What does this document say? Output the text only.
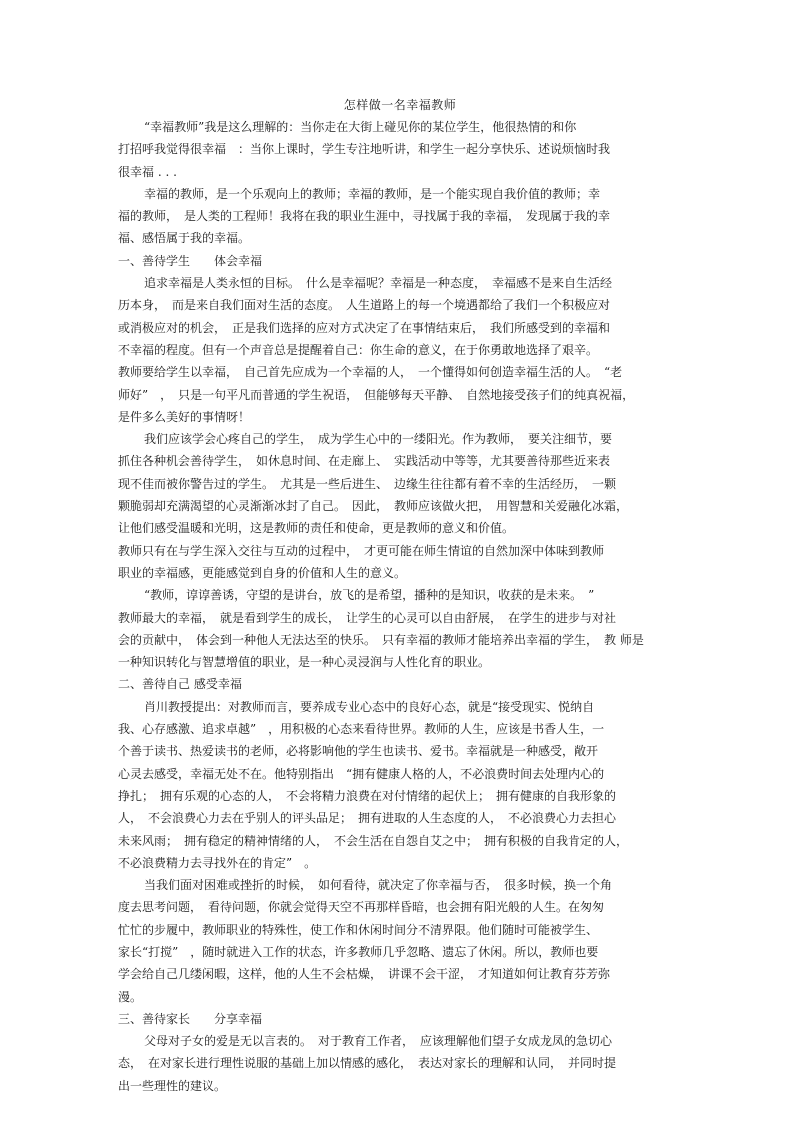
怎样做一名幸福教师
“幸福教师”我是这么理解的：当你走在大街上碰见你的某位学生，他很热情的和你
打招呼我觉得很幸福　：当你上课时，学生专注地听讲，和学生一起分享快乐、述说烦恼时我
很幸福 . . .
幸福的教师，是一个乐观向上的教师；幸福的教师，是一个能实现自我价值的教师；幸
福的教师，　是人类的工程师！我将在我的职业生涯中，寻找属于我的幸福，　发现属于我的幸
福、感悟属于我的幸福。
一、善待学生　　体会幸福
追求幸福是人类永恒的目标。　什么是幸福呢？幸福是一种态度，　幸福感不是来自生活经
历本身，　而是来自我们面对生活的态度。　人生道路上的每一个境遇都给了我们一个积极应对
或消极应对的机会，　正是我们选择的应对方式决定了在事情结束后，　我们所感受到的幸福和
不幸福的程度。但有一个声音总是提醒着自己：你生命的意义，在于你勇敢地选择了艰辛。
教师要给学生以幸福，　自己首先应成为一个幸福的人，　一个懂得如何创造幸福生活的人。　“老
师好”　，　只是一句平凡而普通的学生祝语，　但能够每天平静、　自然地接受孩子们的纯真祝福，
是件多么美好的事情呀！
我们应该学会心疼自己的学生，　成为学生心中的一缕阳光。作为教师，　要关注细节，要
抓住各种机会善待学生，　如休息时间、在走廊上、　实践活动中等等，尤其要善待那些近来表
现不佳而被你警告过的学生。　尤其是一些后进生、　边缘生往往都有着不幸的生活经历，　一颗
颗脆弱却充满渴望的心灵渐渐冰封了自己。　因此，　教师应该做火把，　用智慧和关爱融化冰霜，
让他们感受温暖和光明，这是教师的责任和使命，更是教师的意义和价值。
教师只有在与学生深入交往与互动的过程中，　才更可能在师生情谊的自然加深中体味到教师
职业的幸福感，更能感觉到自身的价值和人生的意义。
“教师，谆谆善诱，守望的是讲台，放飞的是希望，播种的是知识，收获的是未来。　”
教师最大的幸福，　就是看到学生的成长，　让学生的心灵可以自由舒展，　在学生的进步与对社
会的贡献中，　体会到一种他人无法达至的快乐。　只有幸福的教师才能培养出幸福的学生，　教 师是
一种知识转化与智慧增值的职业，是一种心灵浸润与人性化育的职业。
二、善待自己 感受幸福
肖川教授提出：对教师而言，要养成专业心态中的良好心态，就是“接受现实、悦纳自
我、心存感激、追求卓越”　，用积极的心态来看待世界。教师的人生，应该是书香人生，一
个善于读书、热爱读书的老师，必将影响他的学生也读书、爱书。幸福就是一种感受，敞开
心灵去感受，幸福无处不在。他特别指出　“拥有健康人格的人，不必浪费时间去处理内心的
挣扎；　拥有乐观的心态的人，　不会将精力浪费在对付情绪的起伏上；　拥有健康的自我形象的
人，　不会浪费心力去在乎别人的评头品足；　拥有进取的人生态度的人，　不必浪费心力去担心
未来风雨；　拥有稳定的精神情绪的人，　不会生活在自怨自艾之中；　拥有积极的自我肯定的人，
不必浪费精力去寻找外在的肯定”　。
当我们面对困难或挫折的时候，　如何看待，就决定了你幸福与否，　很多时候，换一个角
度去思考问题，　看待问题，你就会觉得天空不再那样昏暗，也会拥有阳光般的人生。在匆匆
忙忙的步履中，教师职业的特殊性，使工作和休闲时间分不清界限。他们随时可能被学生、
家长“打搅”　，随时就进入工作的状态，许多教师几乎忽略、遗忘了休闲。所以，教师也要
学会给自己几缕闲暇，这样，他的人生不会枯燥，　讲课不会干涩，　才知道如何让教育芬芳弥
漫。
三、善待家长　　分享幸福
父母对子女的爱是无以言表的。　对于教育工作者，　应该理解他们望子女成龙凤的急切心
态，　在对家长进行理性说服的基础上加以情感的感化，　表达对家长的理解和认同，　并同时提
出一些理性的建议。
